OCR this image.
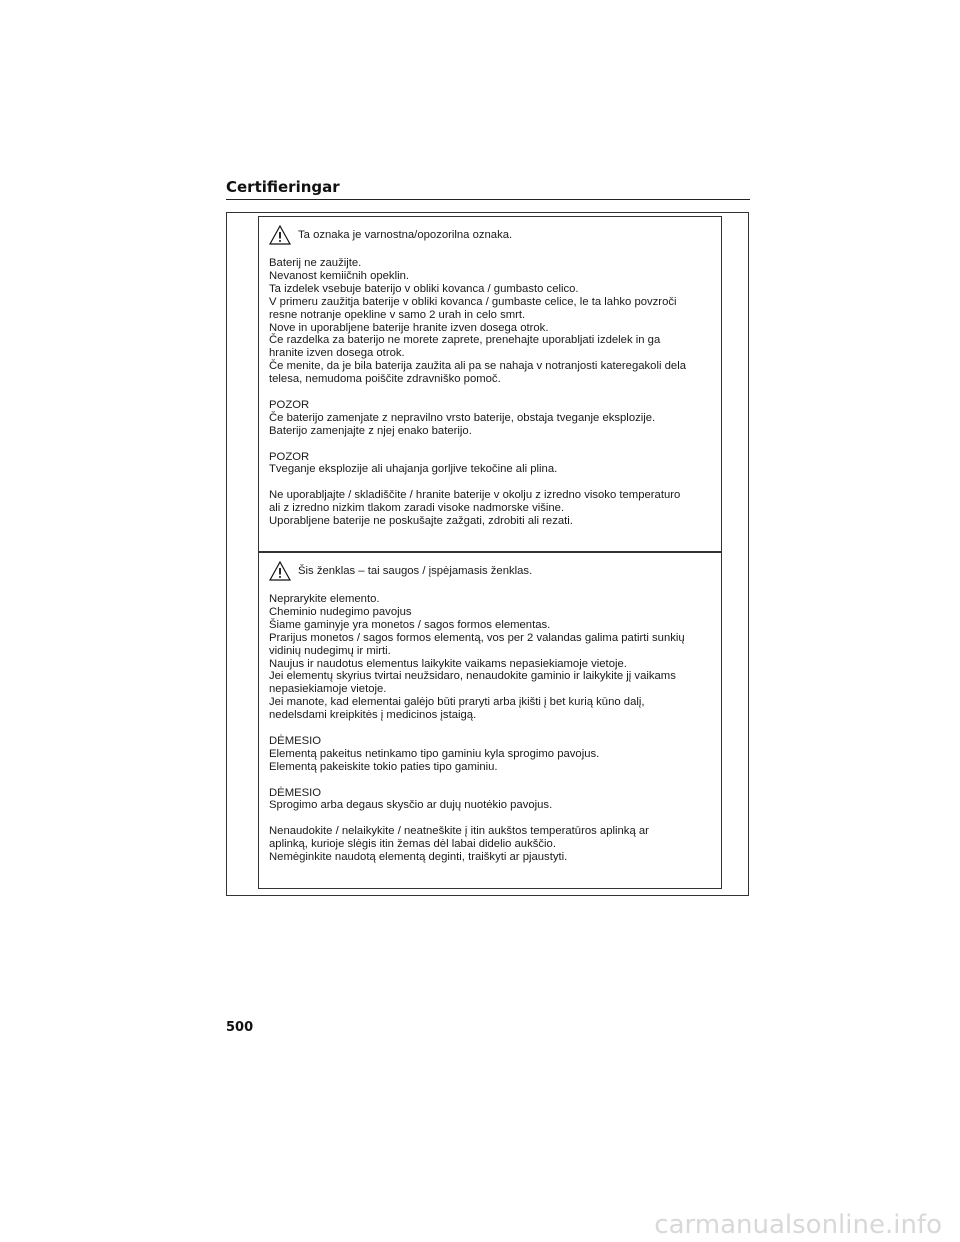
Certifieringar
Ta oznaka je varnostna/opozorilna oznaka.
Baterij ne zaužijte.
Nevanost kemiičnih opeklin.
Ta izdelek vsebuje baterijo v obliki kovanca / gumbasto celico.
V primeru zaužitja baterije v obliki kovanca / gumbaste celice, le ta lahko povzroči
resne notranje opekline v samo 2 urah in celo smrt.
Nove in uporabljene baterije hranite izven dosega otrok.
Če razdelka za baterijo ne morete zaprete, prenehajte uporabljati izdelek in ga
hranite izven dosega otrok.
Če menite, da je bila baterija zaužita ali pa se nahaja v notranjosti kateregakoli dela
telesa, nemudoma poiščite zdravniško pomoč.
POZOR
Če baterijo zamenjate z nepravilno vrsto baterije, obstaja tveganje eksplozije.
Baterijo zamenjajte z njej enako baterijo.
POZOR
Tveganje eksplozije ali uhajanja gorljive tekočine ali plina.
Ne uporabljajte / skladiščite / hranite baterije v okolju z izredno visoko temperaturo
ali z izredno nizkim tlakom zaradi visoke nadmorske višine.
Uporabljene baterije ne poskušajte zažgati, zdrobiti ali rezati.
Šis ženklas – tai saugos / įspėjamasis ženklas.
Neprarykite elemento.
Cheminio nudegimo pavojus
Šiame gaminyje yra monetos / sagos formos elementas.
Prarijus monetos / sagos formos elementą, vos per 2 valandas galima patirti sunkių
vidinių nudegimų ir mirti.
Naujus ir naudotus elementus laikykite vaikams nepasiekiamoje vietoje.
Jei elementų skyrius tvirtai neužsidaro, nenaudokite gaminio ir laikykite jį vaikams
nepasiekiamoje vietoje.
Jei manote, kad elementai galėjo būti praryti arba įkišti į bet kurią kūno dalį,
nedelsdami kreipkitės į medicinos įstaigą.
DĖMESIO
Elementą pakeitus netinkamo tipo gaminiu kyla sprogimo pavojus.
Elementą pakeiskite tokio paties tipo gaminiu.
DĖMESIO
Sprogimo arba degaus skysčio ar dujų nuotėkio pavojus.
Nenaudokite / nelaikykite / neatneškite į itin aukštos temperatūros aplinką ar
aplinką, kurioje slėgis itin žemas dėl labai didelio aukščio.
Nemėginkite naudotą elementą deginti, traiškyti ar pjaustyti.
500
carmanualsonline.info
